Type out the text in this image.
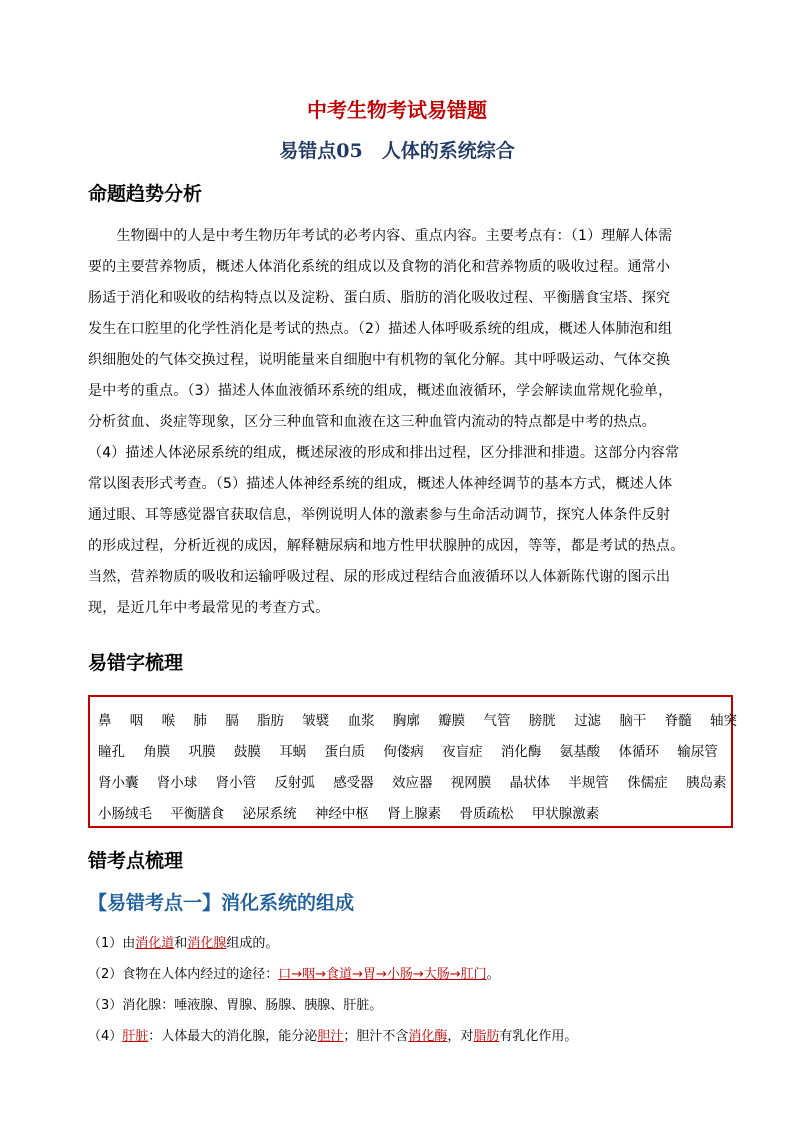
中考生物考试易错题
易错点05　人体的系统综合
命题趋势分析

　　生物圈中的人是中考生物历年考试的必考内容、重点内容。主要考点有：（1）理解人体需

要的主要营养物质，概述人体消化系统的组成以及食物的消化和营养物质的吸收过程。通常小

肠适于消化和吸收的结构特点以及淀粉、蛋白质、脂肪的消化吸收过程、平衡膳食宝塔、探究

发生在口腔里的化学性消化是考试的热点。（2）描述人体呼吸系统的组成，概述人体肺泡和组

织细胞处的气体交换过程，说明能量来自细胞中有机物的氧化分解。其中呼吸运动、气体交换

是中考的重点。（3）描述人体血液循环系统的组成，概述血液循环，学会解读血常规化验单，

分析贫血、炎症等现象，区分三种血管和血液在这三种血管内流动的特点都是中考的热点。

（4）描述人体泌尿系统的组成，概述尿液的形成和排出过程，区分排泄和排遗。这部分内容常

常以图表形式考查。（5）描述人体神经系统的组成，概述人体神经调节的基本方式，概述人体

通过眼、耳等感觉器官获取信息，举例说明人体的激素参与生命活动调节，探究人体条件反射

的形成过程，分析近视的成因，解释糖尿病和地方性甲状腺肿的成因，等等，都是考试的热点。

当然，营养物质的吸收和运输呼吸过程、尿的形成过程结合血液循环以人体新陈代谢的图示出

现，是近几年中考最常见的考查方式。

易错字梳理
鼻 咽 喉 肺 膈 脂肪 皱襞 血浆 胸廓 瓣膜 气管 膀胱 过滤 脑干 脊髓 轴突
瞳孔 角膜 巩膜 鼓膜 耳蜗 蛋白质 佝偻病 夜盲症 消化酶 氨基酸 体循环 输尿管
肾小囊 肾小球 肾小管 反射弧 感受器 效应器 视网膜 晶状体 半规管 侏儒症 胰岛素
小肠绒毛 平衡膳食 泌尿系统 神经中枢 肾上腺素 骨质疏松 甲状腺激素
错考点梳理
【易错考点一】消化系统的组成
（1）由消化道和消化腺组成的。
（2）食物在人体内经过的途径：口→咽→食道→胃→小肠→大肠→肛门。
（3）消化腺：唾液腺、胃腺、肠腺、胰腺、肝脏。
（4）肝脏：人体最大的消化腺，能分泌胆汁；胆汁不含消化酶，对脂肪有乳化作用。
